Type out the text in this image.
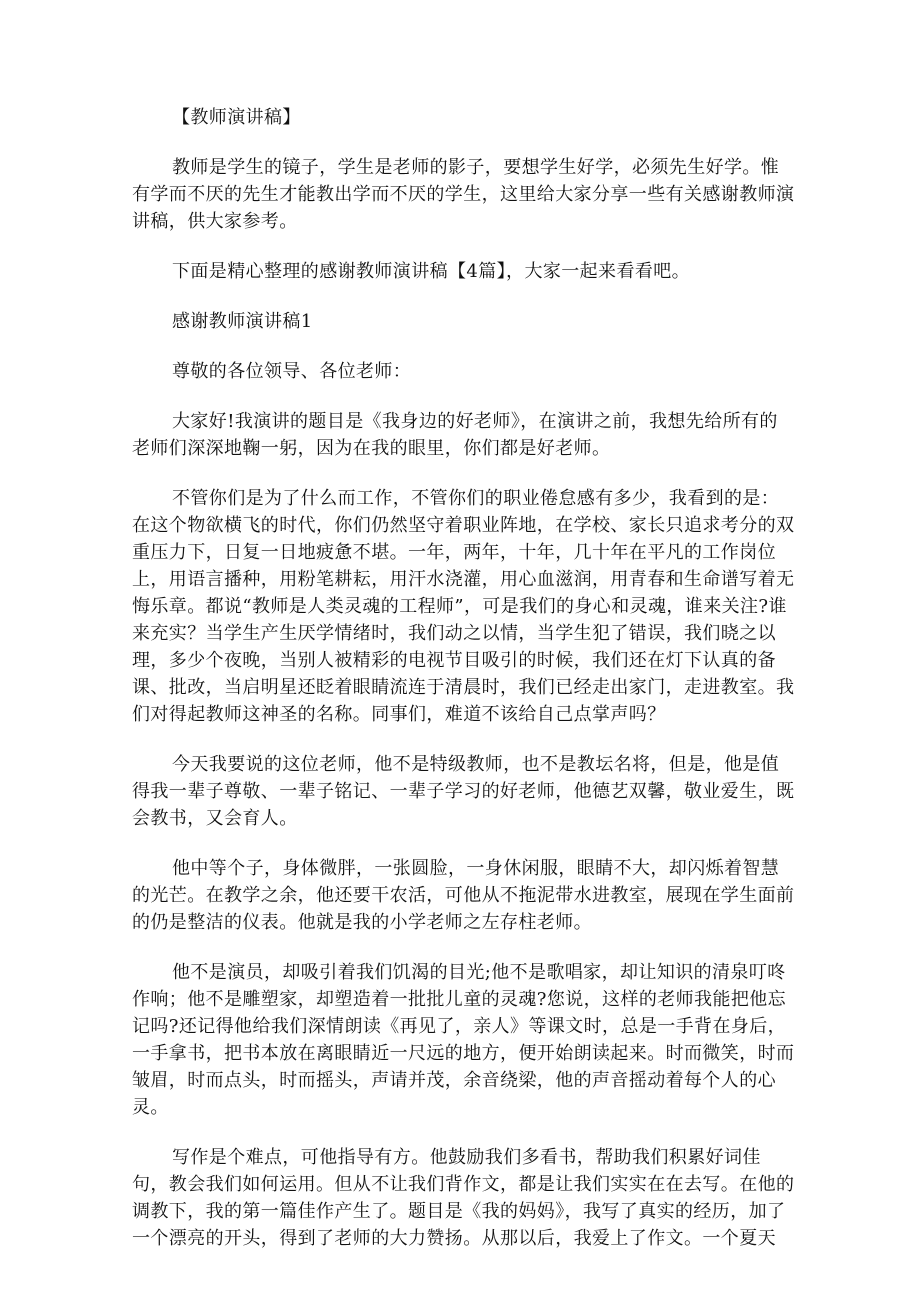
【教师演讲稿】

教师是学生的镜子，学生是老师的影子，要想学生好学，必须先生好学。惟有学而不厌的先生才能教出学而不厌的学生，这里给大家分享一些有关感谢教师演讲稿，供大家参考。

下面是精心整理的感谢教师演讲稿【4篇】，大家一起来看看吧。

感谢教师演讲稿1

尊敬的各位领导、各位老师：

大家好!我演讲的题目是《我身边的好老师》，在演讲之前，我想先给所有的老师们深深地鞠一躬，因为在我的眼里，你们都是好老师。

不管你们是为了什么而工作，不管你们的职业倦怠感有多少，我看到的是：在这个物欲横飞的时代，你们仍然坚守着职业阵地，在学校、家长只追求考分的双重压力下，日复一日地疲惫不堪。一年，两年，十年，几十年在平凡的工作岗位上，用语言播种，用粉笔耕耘，用汗水浇灌，用心血滋润，用青春和生命谱写着无悔乐章。都说“教师是人类灵魂的工程师”，可是我们的身心和灵魂，谁来关注?谁来充实？当学生产生厌学情绪时，我们动之以情，当学生犯了错误，我们晓之以理，多少个夜晚，当别人被精彩的电视节目吸引的时候，我们还在灯下认真的备课、批改，当启明星还眨着眼睛流连于清晨时，我们已经走出家门，走进教室。我们对得起教师这神圣的名称。同事们，难道不该给自己点掌声吗？

今天我要说的这位老师，他不是特级教师，也不是教坛名将，但是，他是值得我一辈子尊敬、一辈子铭记、一辈子学习的好老师，他德艺双馨，敬业爱生，既会教书，又会育人。

他中等个子，身体微胖，一张圆脸，一身休闲服，眼睛不大，却闪烁着智慧的光芒。在教学之余，他还要干农活，可他从不拖泥带水进教室，展现在学生面前的仍是整洁的仪表。他就是我的小学老师之左存柱老师。

他不是演员，却吸引着我们饥渴的目光;他不是歌唱家，却让知识的清泉叮咚作响；他不是雕塑家，却塑造着一批批儿童的灵魂?您说，这样的老师我能把他忘记吗?还记得他给我们深情朗读《再见了，亲人》等课文时，总是一手背在身后，一手拿书，把书本放在离眼睛近一尺远的地方，便开始朗读起来。时而微笑，时而皱眉，时而点头，时而摇头，声请并茂，余音绕梁，他的声音摇动着每个人的心灵。

写作是个难点，可他指导有方。他鼓励我们多看书，帮助我们积累好词佳句，教会我们如何运用。但从不让我们背作文，都是让我们实实在在去写。在他的调教下，我的第一篇佳作产生了。题目是《我的妈妈》，我写了真实的经历，加了一个漂亮的开头，得到了老师的大力赞扬。从那以后，我爱上了作文。一个夏天
